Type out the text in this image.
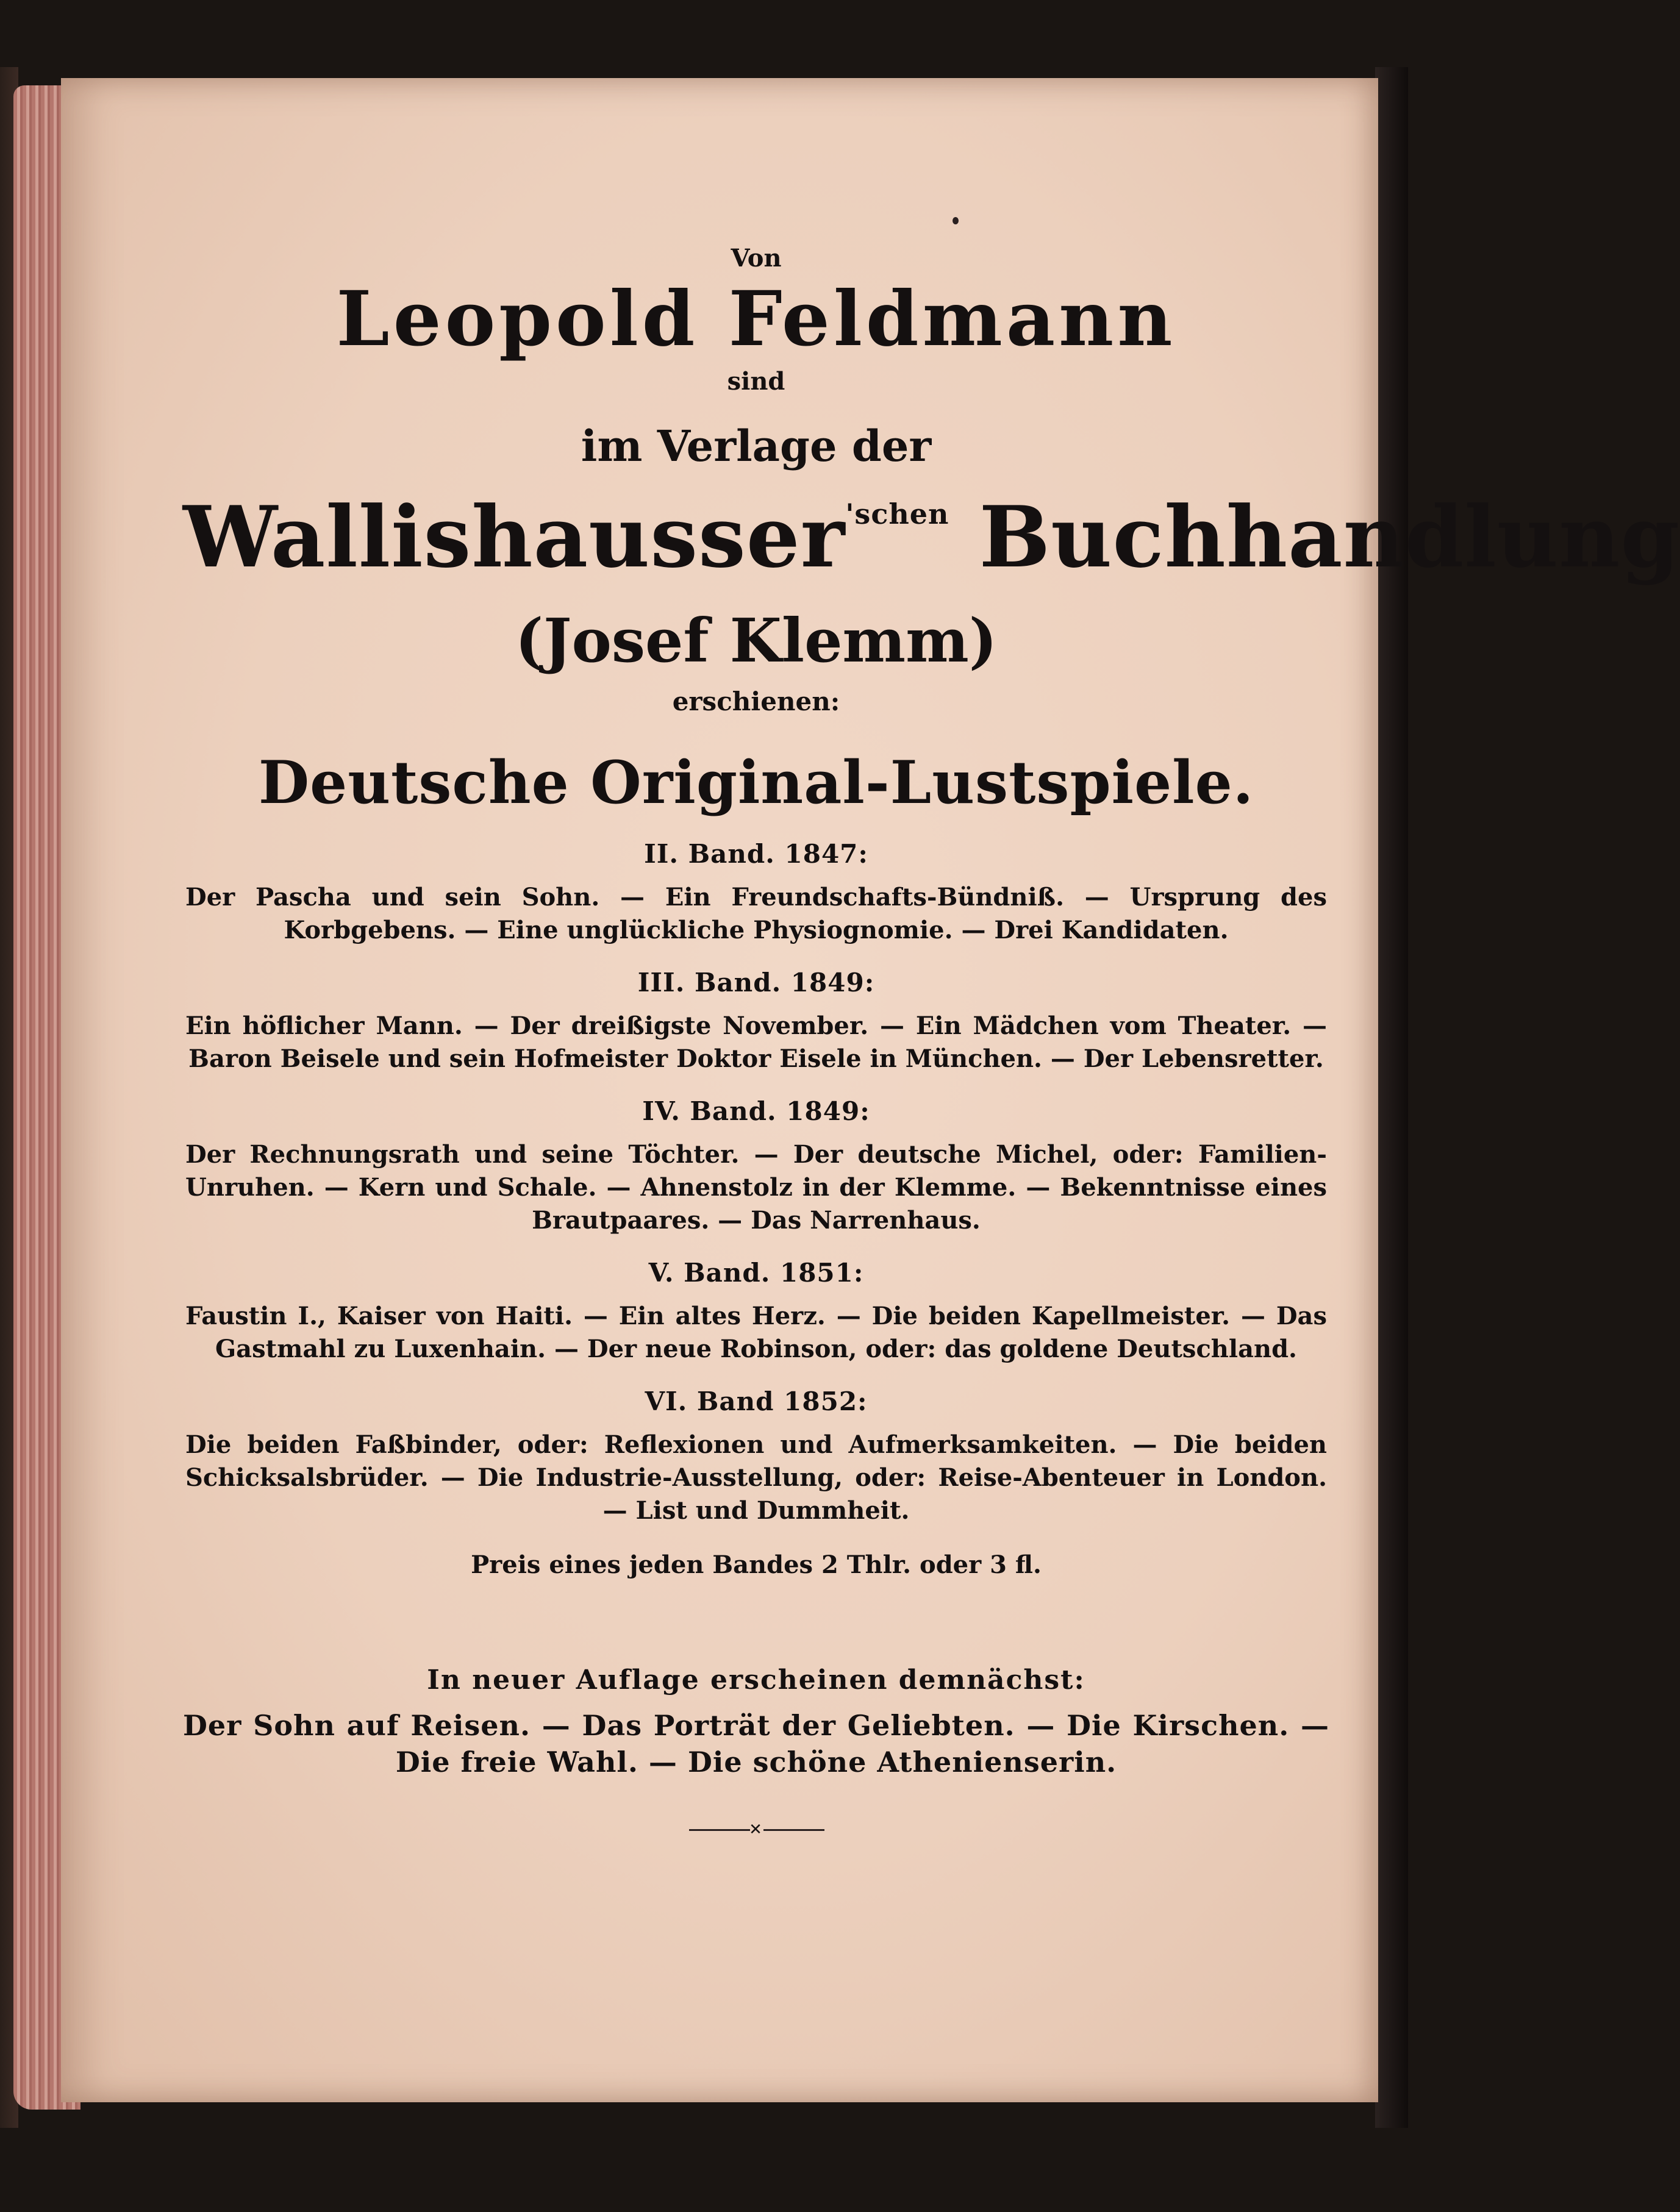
Von

Leopold Feldmann

sind

im Verlage der

Wallishausser$^{'schen}$ Buchhandlung

(Josef Klemm)

erschienen:

Deutsche Original-Lustspiele.

II. Band. 1847:

Der Pascha und sein Sohn. — Ein Freundschafts-Bündniß. — Ursprung des Korbgebens. — Eine unglückliche Physiognomie. — Drei Kandidaten.

III. Band. 1849:

Ein höflicher Mann. — Der dreißigste November. — Ein Mädchen vom Theater. — Baron Beisele und sein Hofmeister Doktor Eisele in München. — Der Lebensretter.

IV. Band. 1849:

Der Rechnungsrath und seine Töchter. — Der deutsche Michel, oder: Familien-Unruhen. — Kern und Schale. — Ahnenstolz in der Klemme. — Bekenntnisse eines Brautpaares. — Das Narrenhaus.

V. Band. 1851:

Faustin I., Kaiser von Haiti. — Ein altes Herz. — Die beiden Kapellmeister. — Das Gastmahl zu Luxenhain. — Der neue Robinson, oder: das goldene Deutschland.

VI. Band 1852:

Die beiden Faßbinder, oder: Reflexionen und Aufmerksamkeiten. — Die beiden Schicksalsbrüder. — Die Industrie-Ausstellung, oder: Reise-Abenteuer in London. — List und Dummheit.

Preis eines jeden Bandes 2 Thlr. oder 3 fl.

In neuer Auflage erscheinen demnächst:

Der Sohn auf Reisen. — Das Porträt der Geliebten. — Die Kirschen. — Die freie Wahl. — Die schöne Athenienserin.

✕
